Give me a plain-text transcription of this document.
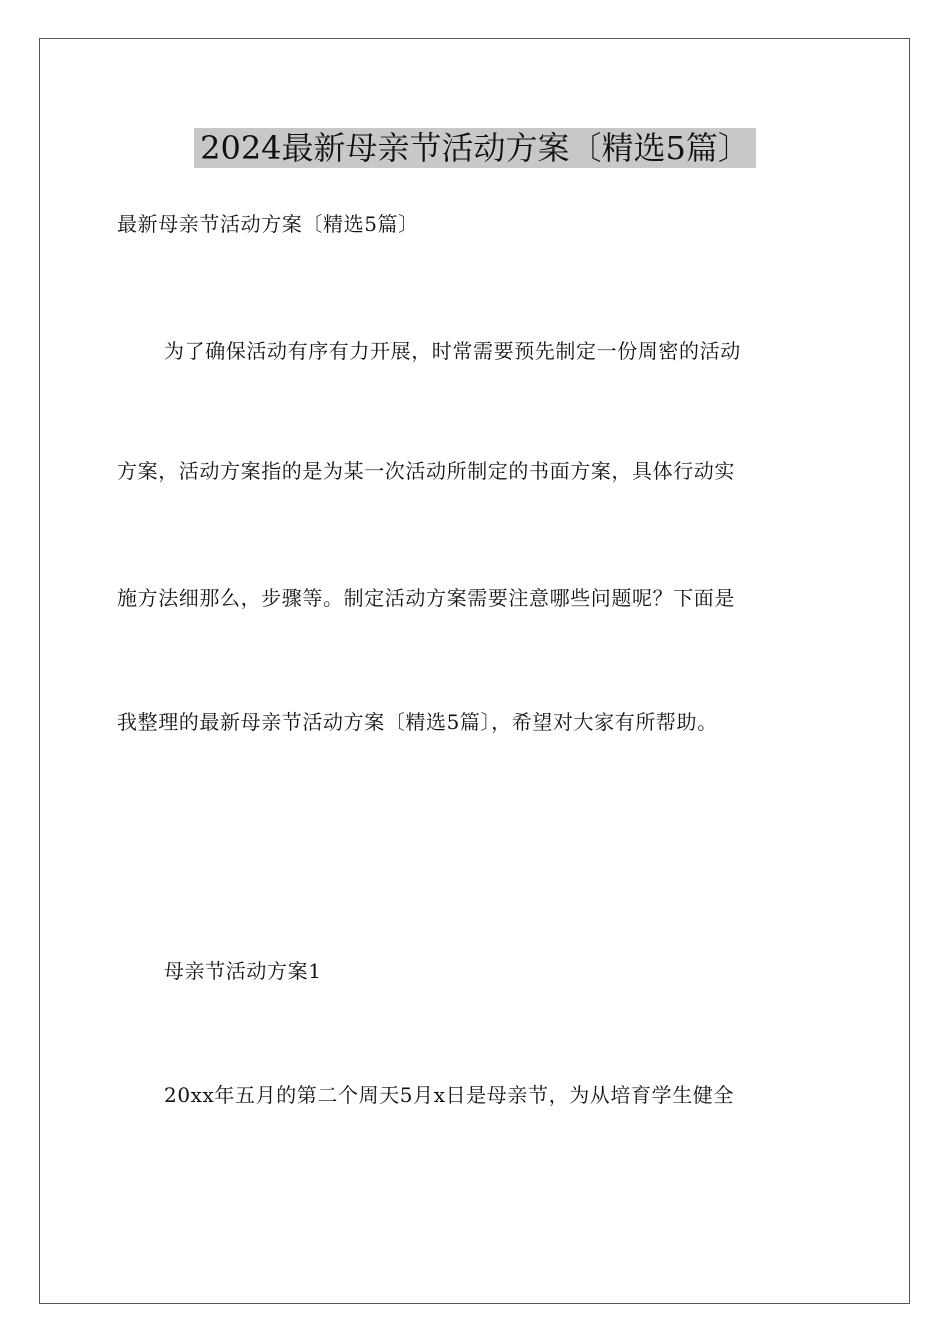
2024最新母亲节活动方案〔精选5篇〕
最新母亲节活动方案〔精选5篇〕
为了确保活动有序有力开展，时常需要预先制定一份周密的活动
方案，活动方案指的是为某一次活动所制定的书面方案，具体行动实
施方法细那么，步骤等。制定活动方案需要注意哪些问题呢？下面是
我整理的最新母亲节活动方案〔精选5篇〕，希望对大家有所帮助。
母亲节活动方案1
20xx年五月的第二个周天5月x日是母亲节，为从培育学生健全
